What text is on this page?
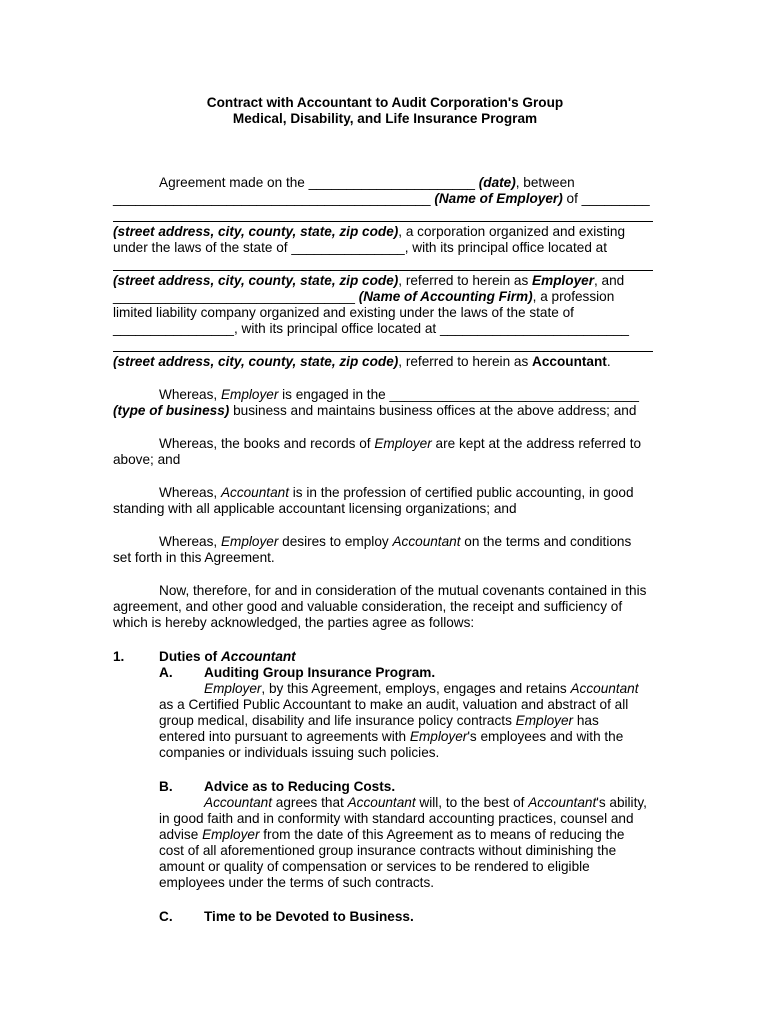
Contract with Accountant to Audit Corporation's Group
Medical, Disability, and Life Insurance Program
Agreement made on the ______________________ (date), between
__________________________________________ (Name of Employer) of _________
(street address, city, county, state, zip code), a corporation organized and existing
under the laws of the state of _______________, with its principal office located at
(street address, city, county, state, zip code), referred to herein as Employer, and
________________________________ (Name of Accounting Firm), a profession
limited liability company organized and existing under the laws of the state of
________________, with its principal office located at _________________________
(street address, city, county, state, zip code), referred to herein as Accountant.
Whereas, Employer is engaged in the _________________________________
(type of business) business and maintains business offices at the above address; and
Whereas, the books and records of Employer are kept at the address referred to
above; and
Whereas, Accountant is in the profession of certified public accounting, in good
standing with all applicable accountant licensing organizations; and
Whereas, Employer desires to employ Accountant on the terms and conditions
set forth in this Agreement.
Now, therefore, for and in consideration of the mutual covenants contained in this
agreement, and other good and valuable consideration, the receipt and sufficiency of
which is hereby acknowledged, the parties agree as follows:
1.	Duties of Accountant
A. Auditing Group Insurance Program.
Employer, by this Agreement, employs, engages and retains Accountant
as a Certified Public Accountant to make an audit, valuation and abstract of all
group medical, disability and life insurance policy contracts Employer has
entered into pursuant to agreements with Employer's employees and with the
companies or individuals issuing such policies.
B. Advice as to Reducing Costs.
Accountant agrees that Accountant will, to the best of Accountant's ability,
in good faith and in conformity with standard accounting practices, counsel and
advise Employer from the date of this Agreement as to means of reducing the
cost of all aforementioned group insurance contracts without diminishing the
amount or quality of compensation or services to be rendered to eligible
employees under the terms of such contracts.
C. Time to be Devoted to Business.
